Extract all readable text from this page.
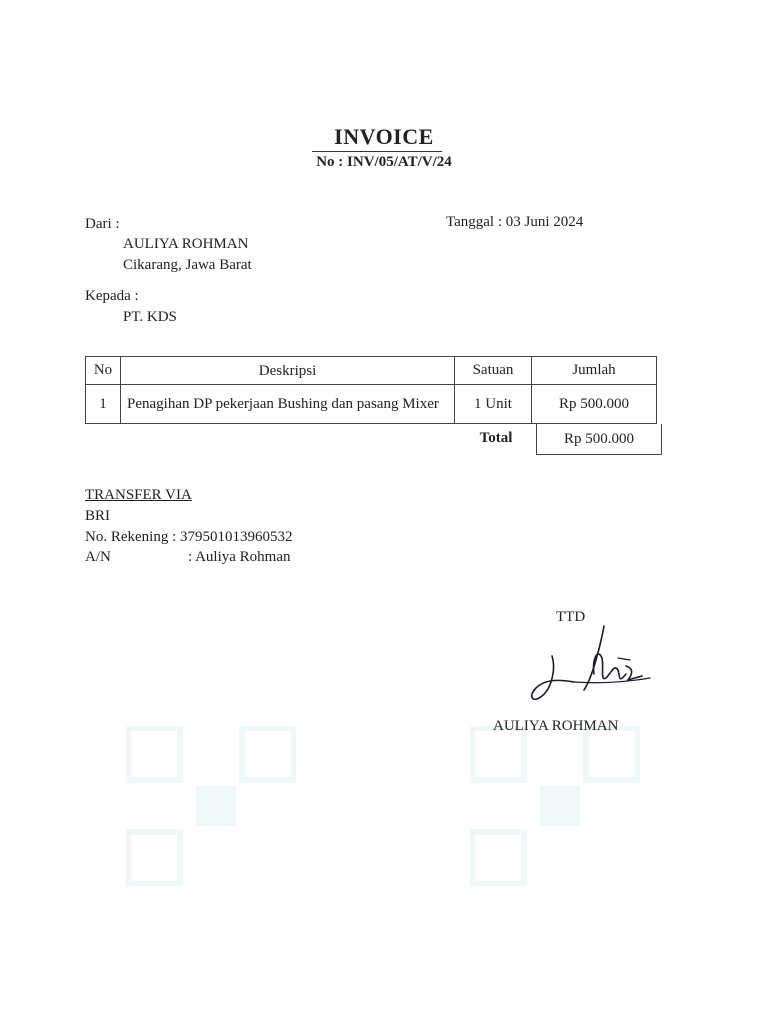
INVOICE
No : INV/05/AT/V/24
Dari :
AULIYA ROHMAN
Cikarang, Jawa Barat
Tanggal : 03 Juni 2024
Kepada :
PT. KDS
No	Deskripsi	Satuan	Jumlah
1	Penagihan DP pekerjaan Bushing dan pasang Mixer	1 Unit	Rp 500.000
Total	Rp 500.000
TRANSFER VIA
BRI
No. Rekening : 379501013960532
A/N	: Auliya Rohman
TTD
AULIYA ROHMAN
